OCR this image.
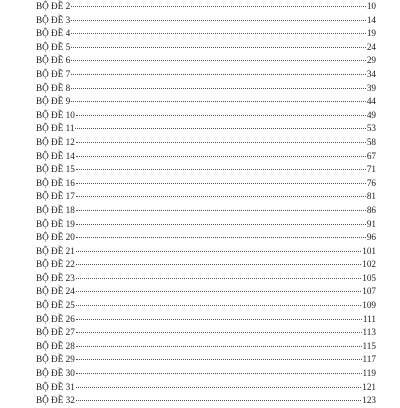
BỘ ĐỀ 2	10
BỘ ĐỀ 3	14
BỘ ĐỀ 4	19
BỘ ĐỀ 5	24
BỘ ĐỀ 6	29
BỘ ĐỀ 7	34
BỘ ĐỀ 8	39
BỘ ĐỀ 9	44
BỘ ĐỀ 10	49
BỘ ĐỀ 11	53
BỘ ĐỀ 12	58
BỘ ĐỀ 14	67
BỘ ĐỀ 15	71
BỘ ĐỀ 16	76
BỘ ĐỀ 17	81
BỘ ĐỀ 18	86
BỘ ĐỀ 19	91
BỘ ĐỀ 20	96
BỘ ĐỀ 21	101
BỘ ĐỀ 22	102
BỘ ĐỀ 23	105
BỘ ĐỀ 24	107
BỘ ĐỀ 25	109
BỘ ĐỀ 26	111
BỘ ĐỀ 27	113
BỘ ĐỀ 28	115
BỘ ĐỀ 29	117
BỘ ĐỀ 30	119
BỘ ĐỀ 31	121
BỘ ĐỀ 32	123
